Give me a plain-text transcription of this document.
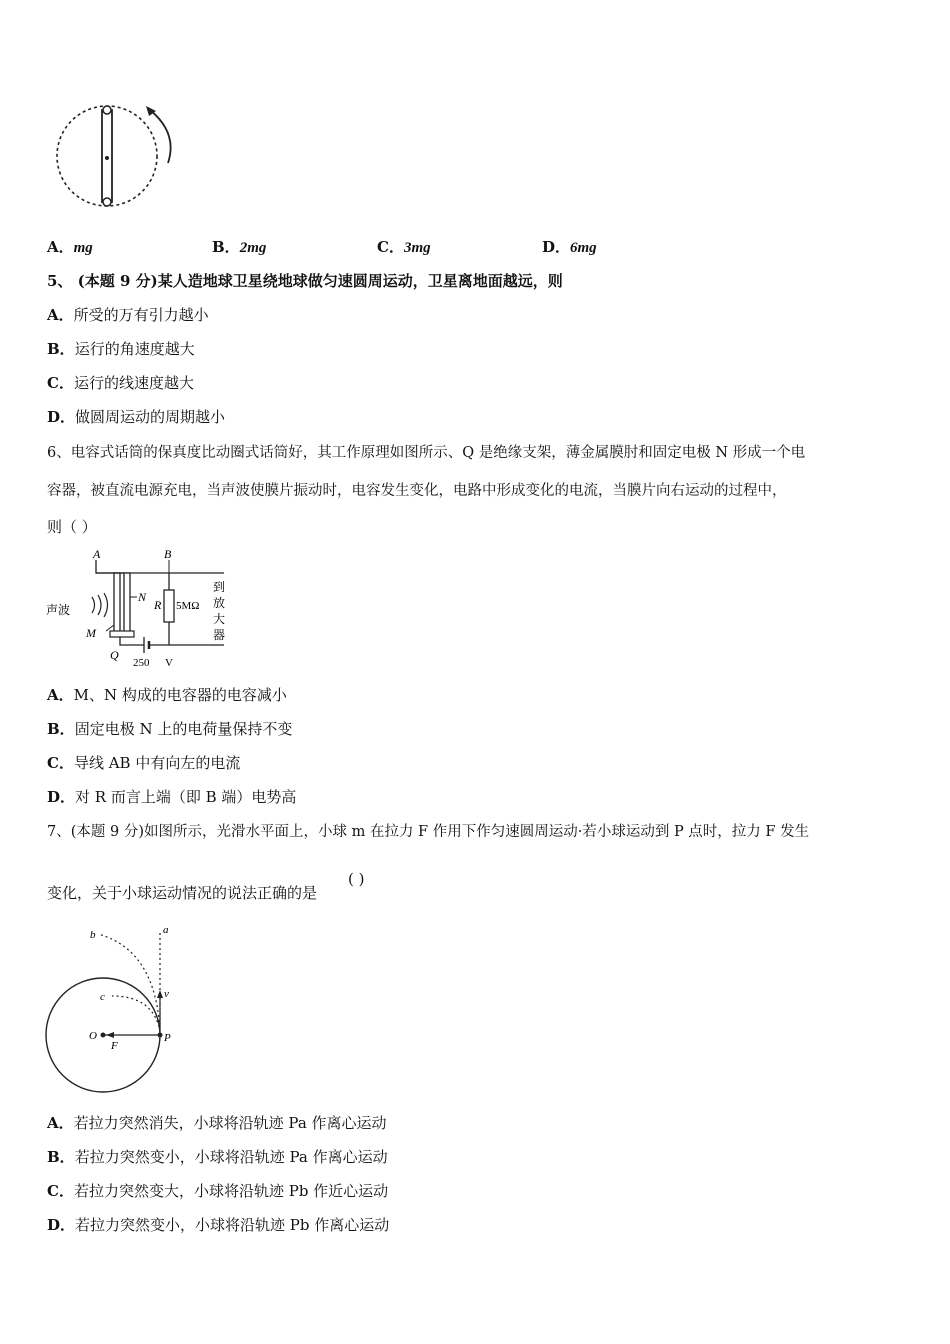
A．mg	B．2mg	C．3mg	D．6mg
5、 (本题 9 分)某人造地球卫星绕地球做匀速圆周运动，卫星离地面越远，则
A．所受的万有引力越小
B．运行的角速度越大
C．运行的线速度越大
D．做圆周运动的周期越小
6、电容式话筒的保真度比动圈式话筒好，其工作原理如图所示、Q 是绝缘支架，薄金属膜肘和固定电极 N 形成一个电
容器，被直流电源充电，当声波使膜片振动时，电容发生变化，电路中形成变化的电流，当膜片向右运动的过程中，
则（ ）
A	B
N
R 5MΩ
M
Q
声波
250 V
到
放
大
器
A．M、N 构成的电容器的电容减小
B．固定电极 N 上的电荷量保持不变
C．导线 AB 中有向左的电流
D．对 R 而言上端（即 B 端）电势高
7、(本题 9 分)如图所示，光滑水平面上，小球 m 在拉力 F 作用下作匀速圆周运动·若小球运动到 P 点时，拉力 F 发生
变化，关于小球运动情况的说法正确的是
( )
a
b
c	v
O	P
F
A．若拉力突然消失，小球将沿轨迹 Pa 作离心运动
B．若拉力突然变小，小球将沿轨迹 Pa 作离心运动
C．若拉力突然变大，小球将沿轨迹 Pb 作近心运动
D．若拉力突然变小，小球将沿轨迹 Pb 作离心运动
